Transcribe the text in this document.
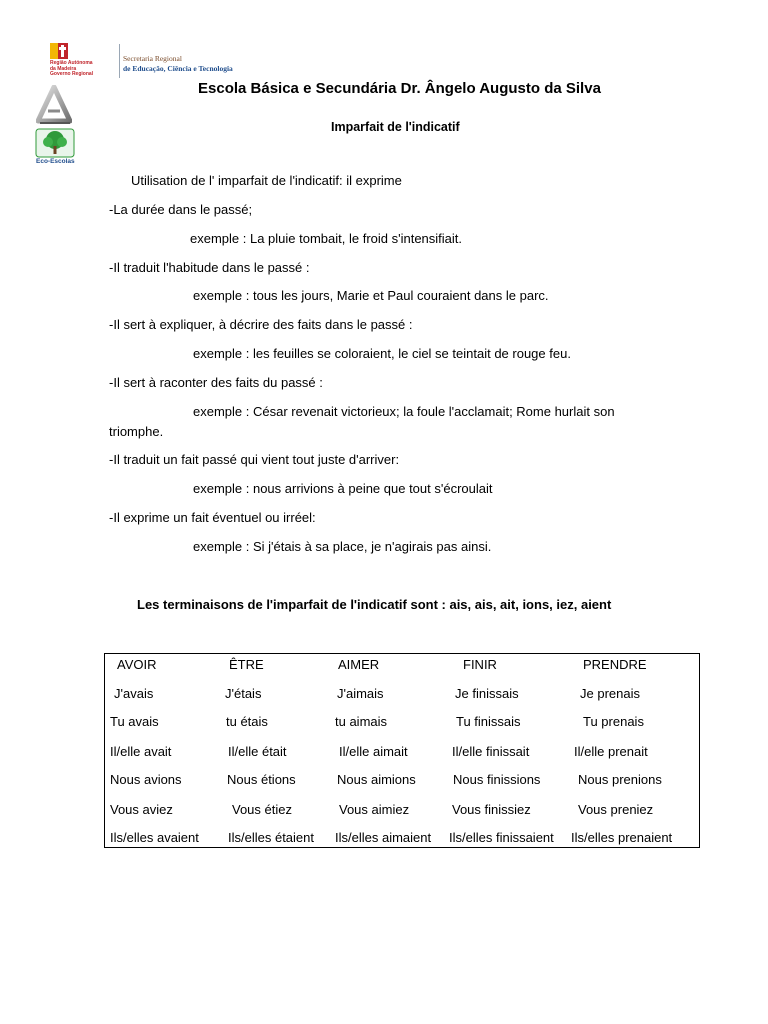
Região Autónoma
da Madeira
Governo Regional
Secretaria Regional
de Educação, Ciência e Tecnologia
Eco-Escolas
Escola Básica e Secundária Dr. Ângelo Augusto da Silva
Imparfait de l'indicatif
Utilisation de l' imparfait de l'indicatif: il exprime
-La durée dans le passé;
exemple : La pluie tombait, le froid s'intensifiait.
-Il traduit l'habitude dans le passé :
exemple : tous les jours, Marie et Paul couraient dans le parc.
-Il sert à expliquer, à décrire des faits dans le passé :
exemple : les feuilles se coloraient, le ciel se teintait de rouge feu.
-Il sert à raconter des faits du passé :
exemple : César revenait victorieux; la foule l'acclamait; Rome hurlait son
triomphe.
-Il traduit un fait passé qui vient tout juste d'arriver:
exemple : nous arrivions à peine que tout s'écroulait
-Il exprime un fait éventuel ou irréel:
exemple : Si j'étais à sa place, je n'agirais pas ainsi.
Les terminaisons de l'imparfait de l'indicatif sont : ais, ais, ait, ions, iez, aient
AVOIR	ÊTRE	AIMER	FINIR	PRENDRE
J'avais	J'étais	J'aimais	Je finissais	Je prenais
Tu avais	tu étais	tu aimais	Tu finissais	Tu prenais
Il/elle avait	Il/elle était	Il/elle aimait	Il/elle finissait	Il/elle prenait
Nous avions	Nous étions	Nous aimions	Nous finissions	Nous prenions
Vous aviez	Vous étiez	Vous aimiez	Vous finissiez	Vous preniez
Ils/elles avaient Ils/elles étaient Ils/elles aimaient Ils/elles finissaient Ils/elles prenaient
